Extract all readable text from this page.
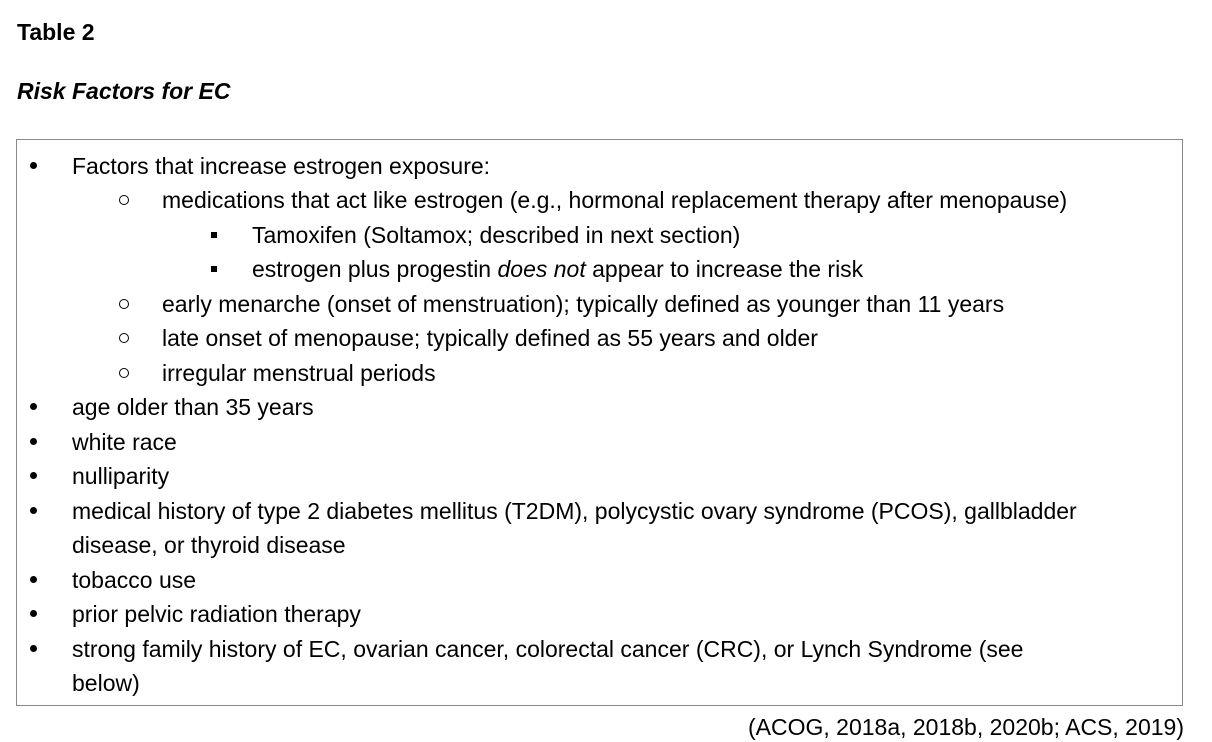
Table 2
Risk Factors for EC
Factors that increase estrogen exposure:
medications that act like estrogen (e.g., hormonal replacement therapy after menopause)
Tamoxifen (Soltamox; described in next section)
estrogen plus progestin does not appear to increase the risk
early menarche (onset of menstruation); typically defined as younger than 11 years
late onset of menopause; typically defined as 55 years and older
irregular menstrual periods
age older than 35 years
white race
nulliparity
medical history of type 2 diabetes mellitus (T2DM), polycystic ovary syndrome (PCOS), gallbladder
disease, or thyroid disease
tobacco use
prior pelvic radiation therapy
strong family history of EC, ovarian cancer, colorectal cancer (CRC), or Lynch Syndrome (see
below)
(ACOG, 2018a, 2018b, 2020b; ACS, 2019)
